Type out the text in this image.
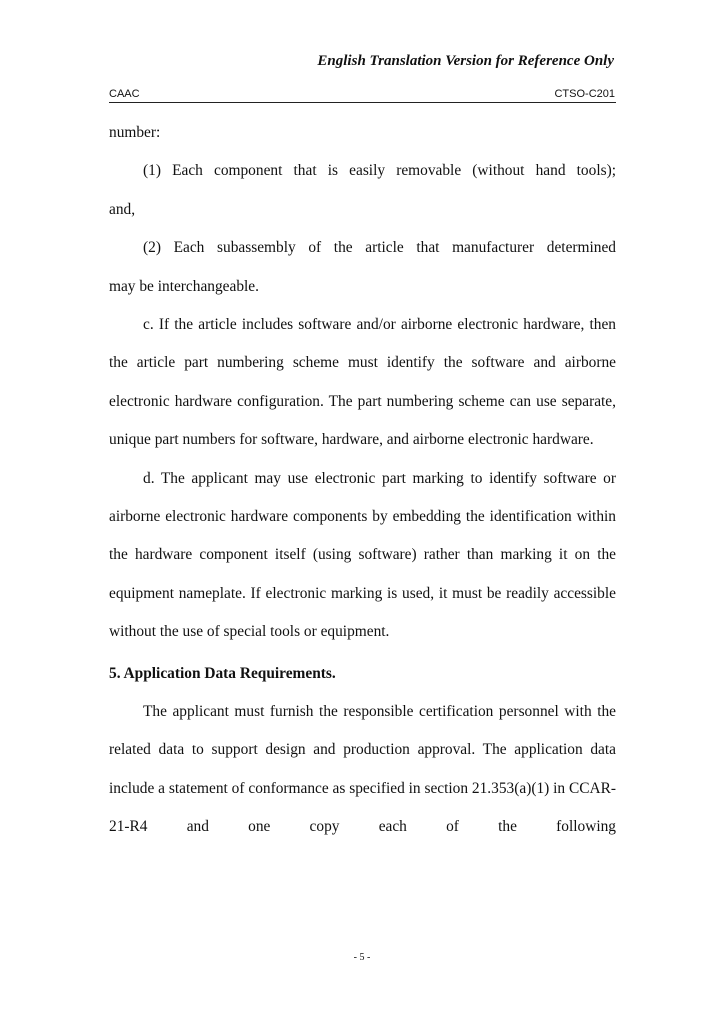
English Translation Version for Reference Only
CAAC	CTSO-C201

number:

(1) Each component that is easily removable (without hand tools);

and,

(2) Each subassembly of the article that manufacturer determined

may be interchangeable.

c. If the article includes software and/or airborne electronic hardware, then the article part numbering scheme must identify the software and airborne electronic hardware configuration. The part numbering scheme can use separate, unique part numbers for software, hardware, and airborne electronic hardware.

d. The applicant may use electronic part marking to identify software or airborne electronic hardware components by embedding the identification within the hardware component itself (using software) rather than marking it on the equipment nameplate. If electronic marking is used, it must be readily accessible without the use of special tools or equipment.

5. Application Data Requirements.

The applicant must furnish the responsible certification personnel with the related data to support design and production approval. The application data include a statement of conformance as specified in section 21.353(a)(1) in CCAR-21-R4 and one copy each of the following

- 5 -
